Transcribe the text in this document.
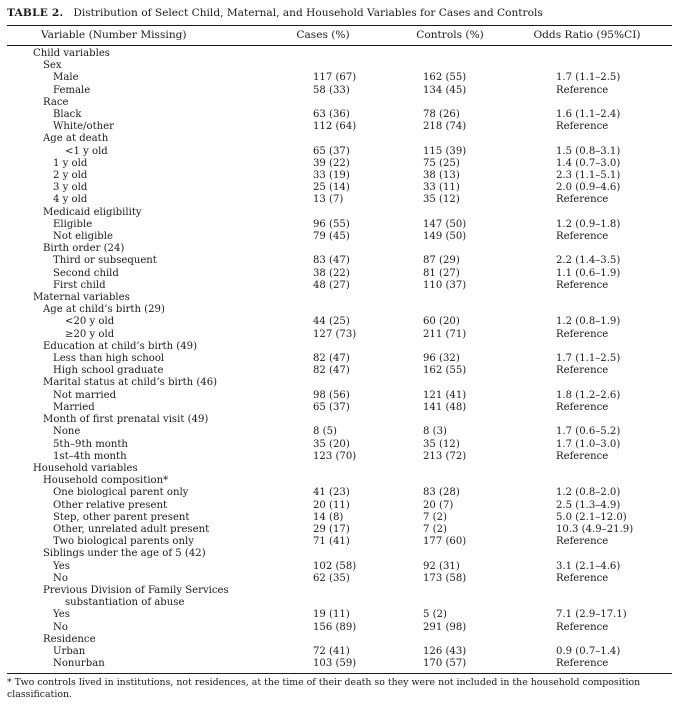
TABLE 2. Distribution of Select Child, Maternal, and Household Variables for Cases and Controls
Variable (Number Missing)	Cases (%)	Controls (%)	Odds Ratio (95%CI)
Child variables
Sex
Male	117 (67)	162 (55)	1.7 (1.1–2.5)
Female	58 (33)	134 (45)	Reference
Race
Black	63 (36)	78 (26)	1.6 (1.1–2.4)
White/other	112 (64)	218 (74)	Reference
Age at death
<1 y old	65 (37)	115 (39)	1.5 (0.8–3.1)
1 y old	39 (22)	75 (25)	1.4 (0.7–3.0)
2 y old	33 (19)	38 (13)	2.3 (1.1–5.1)
3 y old	25 (14)	33 (11)	2.0 (0.9–4.6)
4 y old	13 (7)	35 (12)	Reference
Medicaid eligibility
Eligible	96 (55)	147 (50)	1.2 (0.9–1.8)
Not eligible	79 (45)	149 (50)	Reference
Birth order (24)
Third or subsequent	83 (47)	87 (29)	2.2 (1.4–3.5)
Second child	38 (22)	81 (27)	1.1 (0.6–1.9)
First child	48 (27)	110 (37)	Reference
Maternal variables
Age at child’s birth (29)
<20 y old	44 (25)	60 (20)	1.2 (0.8–1.9)
≥20 y old	127 (73)	211 (71)	Reference
Education at child’s birth (49)
Less than high school	82 (47)	96 (32)	1.7 (1.1–2.5)
High school graduate	82 (47)	162 (55)	Reference
Marital status at child’s birth (46)
Not married	98 (56)	121 (41)	1.8 (1.2–2.6)
Married	65 (37)	141 (48)	Reference
Month of first prenatal visit (49)
None	8 (5)	8 (3)	1.7 (0.6–5.2)
5th–9th month	35 (20)	35 (12)	1.7 (1.0–3.0)
1st–4th month	123 (70)	213 (72)	Reference
Household variables
Household composition*
One biological parent only	41 (23)	83 (28)	1.2 (0.8–2.0)
Other relative present	20 (11)	20 (7)	2.5 (1.3–4.9)
Step, other parent present	14 (8)	7 (2)	5.0 (2.1–12.0)
Other, unrelated adult present	29 (17)	7 (2)	10.3 (4.9–21.9)
Two biological parents only	71 (41)	177 (60)	Reference
Siblings under the age of 5 (42)
Yes	102 (58)	92 (31)	3.1 (2.1–4.6)
No	62 (35)	173 (58)	Reference
Previous Division of Family Services
substantiation of abuse
Yes	19 (11)	5 (2)	7.1 (2.9–17.1)
No	156 (89)	291 (98)	Reference
Residence
Urban	72 (41)	126 (43)	0.9 (0.7–1.4)
Nonurban	103 (59)	170 (57)	Reference
* Two controls lived in institutions, not residences, at the time of their death so they were not included in the household composition classification.
